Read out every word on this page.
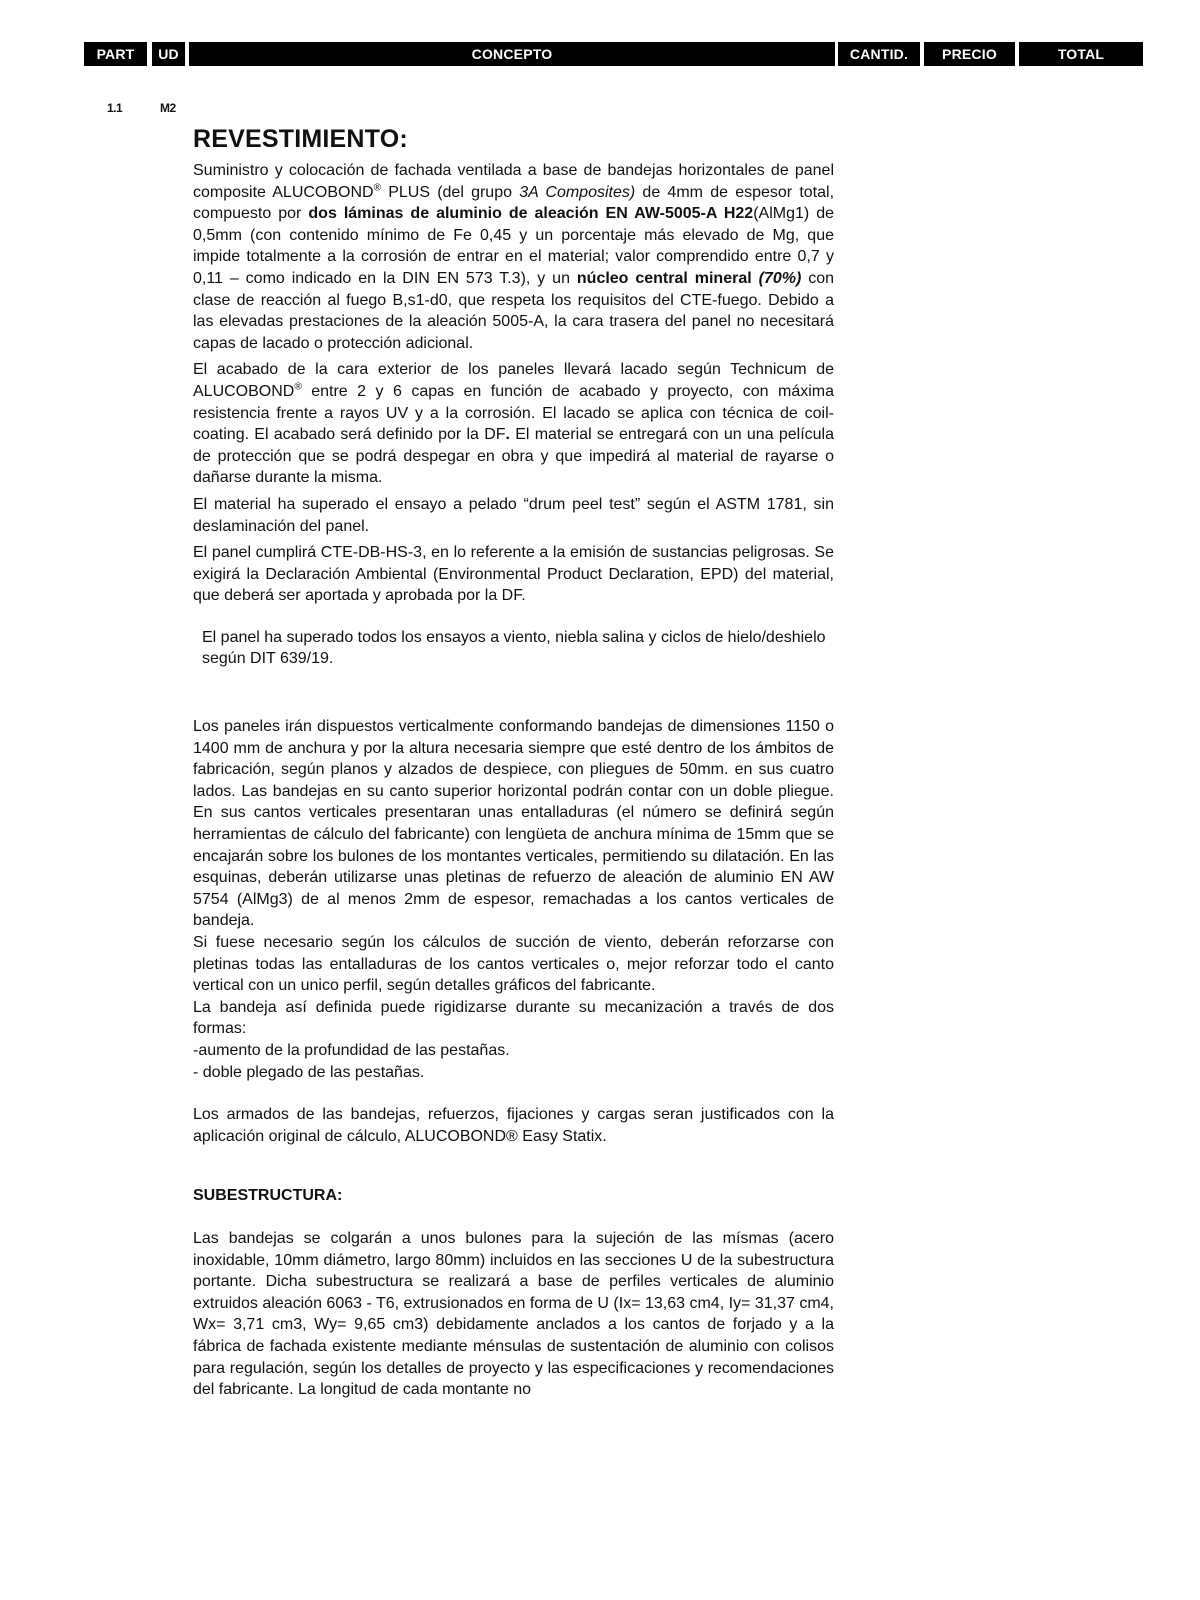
PART	UD	CONCEPTO	CANTID.	PRECIO	TOTAL
1.1	M2
REVESTIMIENTO:

Suministro y colocación de fachada ventilada a base de bandejas horizontales de panel composite ALUCOBOND® PLUS (del grupo 3A Composites) de 4mm de espesor total, compuesto por dos láminas de aluminio de aleación EN AW-5005-A H22(AlMg1) de 0,5mm (con contenido mínimo de Fe 0,45 y un porcentaje más elevado de Mg, que impide totalmente a la corrosión de entrar en el material; valor comprendido entre 0,7 y 0,11 – como indicado en la DIN EN 573 T.3), y un núcleo central mineral (70%) con clase de reacción al fuego B,s1-d0, que respeta los requisitos del CTE-fuego. Debido a las elevadas prestaciones de la aleación 5005-A, la cara trasera del panel no necesitará capas de lacado o protección adicional.

El acabado de la cara exterior de los paneles llevará lacado según Technicum de ALUCOBOND® entre 2 y 6 capas en función de acabado y proyecto, con máxima resistencia frente a rayos UV y a la corrosión. El lacado se aplica con técnica de coil-coating. El acabado será definido por la DF. El material se entregará con un una película de protección que se podrá despegar en obra y que impedirá al material de rayarse o dañarse durante la misma.

El material ha superado el ensayo a pelado “drum peel test” según el ASTM 1781, sin deslaminación del panel.

El panel cumplirá CTE-DB-HS-3, en lo referente a la emisión de sustancias peligrosas. Se exigirá la Declaración Ambiental (Environmental Product Declaration, EPD) del material, que deberá ser aportada y aprobada por la DF.

El panel ha superado todos los ensayos a viento, niebla salina y ciclos de hielo/deshielo según DIT 639/19.

Los paneles irán dispuestos verticalmente conformando bandejas de dimensiones 1150 o 1400 mm de anchura y por la altura necesaria siempre que esté dentro de los ámbitos de fabricación, según planos y alzados de despiece, con pliegues de 50mm. en sus cuatro lados. Las bandejas en su canto superior horizontal podrán contar con un doble pliegue. En sus cantos verticales presentaran unas entalladuras (el número se definirá según herramientas de cálculo del fabricante) con lengüeta de anchura mínima de 15mm que se encajarán sobre los bulones de los montantes verticales, permitiendo su dilatación. En las esquinas, deberán utilizarse unas pletinas de refuerzo de aleación de aluminio EN AW 5754 (AlMg3) de al menos 2mm de espesor, remachadas a los cantos verticales de bandeja.

Si fuese necesario según los cálculos de succión de viento, deberán reforzarse con pletinas todas las entalladuras de los cantos verticales o, mejor reforzar todo el canto vertical con un unico perfil, según detalles gráficos del fabricante.

La bandeja así definida puede rigidizarse durante su mecanización a través de dos formas:

-aumento de la profundidad de las pestañas.

- doble plegado de las pestañas.

Los armados de las bandejas, refuerzos, fijaciones y cargas seran justificados con la aplicación original de cálculo, ALUCOBOND® Easy Statix.

SUBESTRUCTURA:

Las bandejas se colgarán a unos bulones para la sujeción de las mísmas (acero inoxidable, 10mm diámetro, largo 80mm) incluidos en las secciones U de la subestructura portante. Dicha subestructura se realizará a base de perfiles verticales de aluminio extruidos aleación 6063 - T6, extrusionados en forma de U (Ix= 13,63 cm4, Iy= 31,37 cm4, Wx= 3,71 cm3, Wy= 9,65 cm3) debidamente anclados a los cantos de forjado y a la fábrica de fachada existente mediante ménsulas de sustentación de aluminio con colisos para regulación, según los detalles de proyecto y las especificaciones y recomendaciones del fabricante. La longitud de cada montante no
